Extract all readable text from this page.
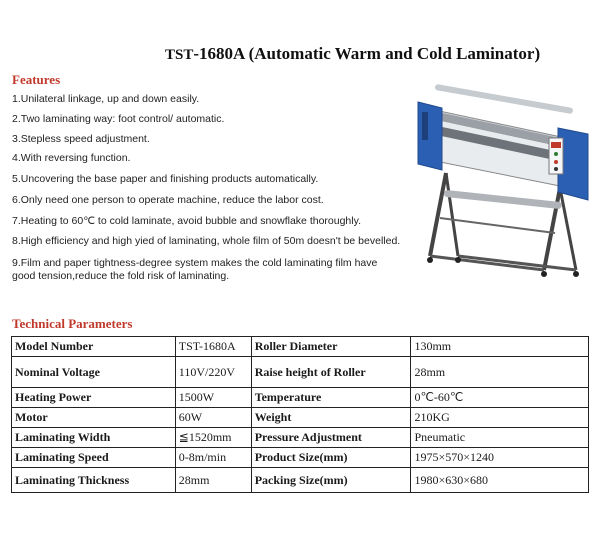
TST-1680A (Automatic Warm and Cold Laminator)
Features

1.Unilateral linkage, up and down easily.

2.Two laminating way: foot control/ automatic.

3.Stepless speed adjustment.

4.With reversing function.

5.Uncovering the base paper and finishing products automatically.

6.Only need one person to operate machine, reduce the labor cost.

7.Heating to 60℃ to cold laminate, avoid bubble and snowflake thoroughly.

8.High efficiency and high yied of laminating, whole film of 50m doesn't be bevelled.

9.Film and paper tightness-degree system makes the cold laminating film have good tension,reduce the fold risk of laminating.

Technical Parameters
Model Number	TST-1680A	Roller Diameter	130mm
Nominal Voltage	110V/220V	Raise height of Roller	28mm
Heating Power	1500W	Temperature	0℃-60℃
Motor	60W	Weight	210KG
Laminating Width	≦1520mm	Pressure Adjustment	Pneumatic
Laminating Speed	0-8m/min	Product Size(mm)	1975×570×1240
Laminating Thickness	28mm	Packing Size(mm)	1980×630×680
